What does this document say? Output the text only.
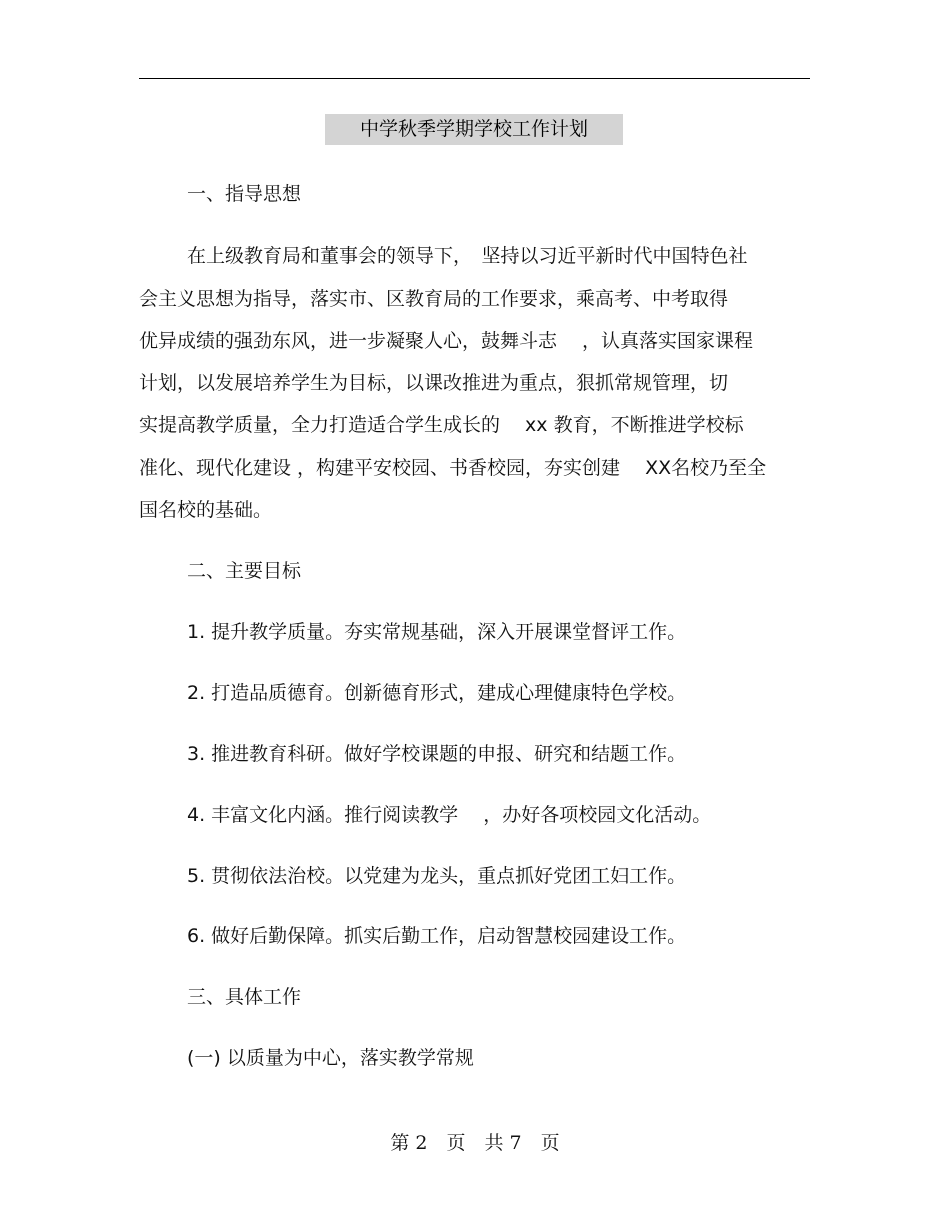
中学秋季学期学校工作计划
一、指导思想
在上级教育局和董事会的领导下，　坚持以习近平新时代中国特色社
会主义思想为指导，落实市、区教育局的工作要求，乘高考、中考取得
优异成绩的强劲东风，进一步凝聚人心，鼓舞斗志　 ，认真落实国家课程
计划，以发展培养学生为目标，以课改推进为重点，狠抓常规管理，切
实提高教学质量，全力打造适合学生成长的　 xx 教育，不断推进学校标
准化、现代化建设 ，构建平安校园、书香校园，夯实创建　 XX名校乃至全
国名校的基础。
二、主要目标
1. 提升教学质量。夯实常规基础，深入开展课堂督评工作。
2. 打造品质德育。创新德育形式，建成心理健康特色学校。
3. 推进教育科研。做好学校课题的申报、研究和结题工作。
4. 丰富文化内涵。推行阅读教学　 ，办好各项校园文化活动。
5. 贯彻依法治校。以党建为龙头，重点抓好党团工妇工作。
6. 做好后勤保障。抓实后勤工作，启动智慧校园建设工作。
三、具体工作
(一) 以质量为中心，落实教学常规
第 2　页　共 7　页
